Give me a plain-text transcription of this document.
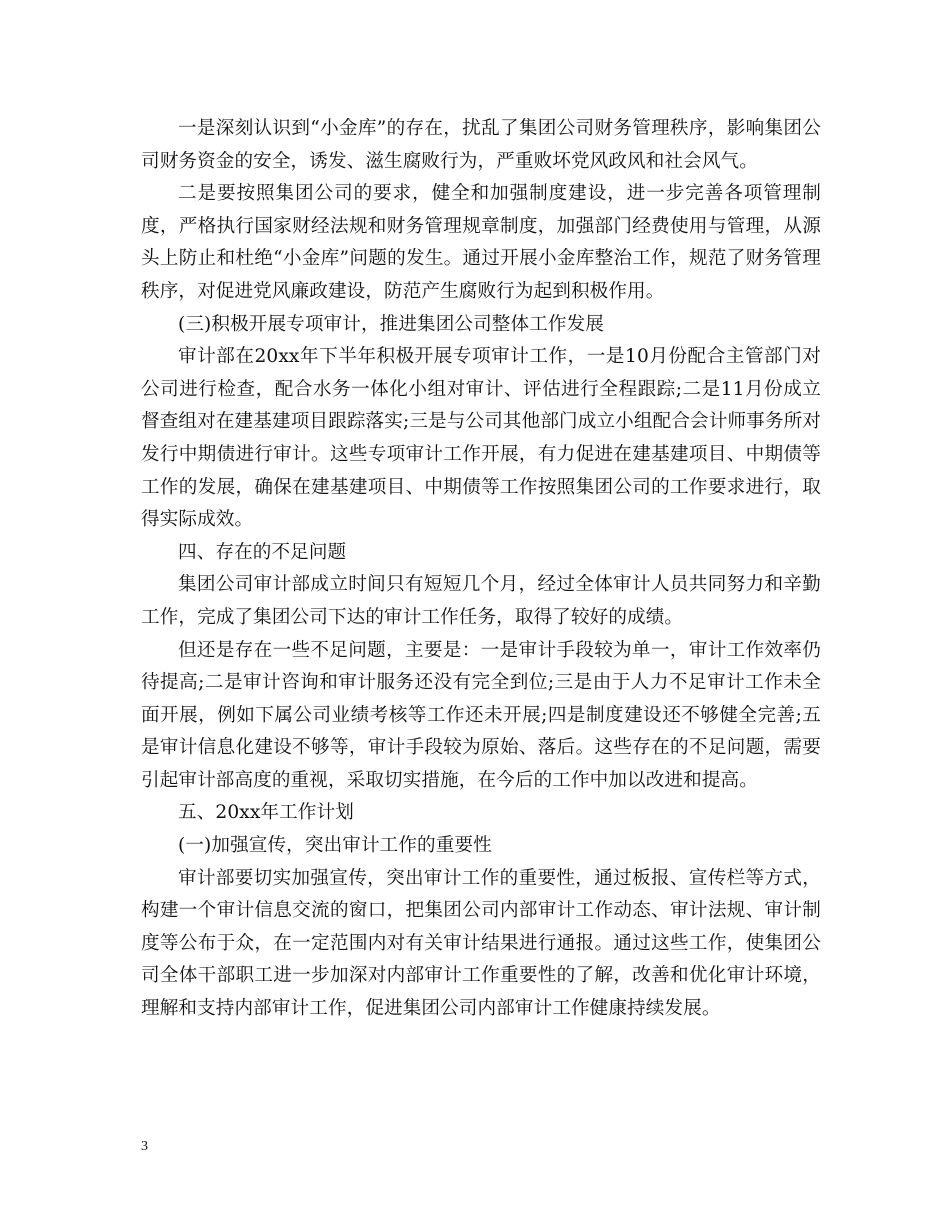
一是深刻认识到“小金库”的存在，扰乱了集团公司财务管理秩序，影响集团公司财务资金的安全，诱发、滋生腐败行为，严重败坏党风政风和社会风气。

二是要按照集团公司的要求，健全和加强制度建设，进一步完善各项管理制度，严格执行国家财经法规和财务管理规章制度，加强部门经费使用与管理，从源头上防止和杜绝“小金库”问题的发生。通过开展小金库整治工作，规范了财务管理秩序，对促进党风廉政建设，防范产生腐败行为起到积极作用。

(三)积极开展专项审计，推进集团公司整体工作发展

审计部在20xx年下半年积极开展专项审计工作，一是10月份配合主管部门对公司进行检查，配合水务一体化小组对审计、评估进行全程跟踪;二是11月份成立督查组对在建基建项目跟踪落实;三是与公司其他部门成立小组配合会计师事务所对发行中期债进行审计。这些专项审计工作开展，有力促进在建基建项目、中期债等工作的发展，确保在建基建项目、中期债等工作按照集团公司的工作要求进行，取得实际成效。

四、存在的不足问题

集团公司审计部成立时间只有短短几个月，经过全体审计人员共同努力和辛勤工作，完成了集团公司下达的审计工作任务，取得了较好的成绩。

但还是存在一些不足问题，主要是：一是审计手段较为单一，审计工作效率仍待提高;二是审计咨询和审计服务还没有完全到位;三是由于人力不足审计工作未全面开展，例如下属公司业绩考核等工作还未开展;四是制度建设还不够健全完善;五是审计信息化建设不够等，审计手段较为原始、落后。这些存在的不足问题，需要引起审计部高度的重视，采取切实措施，在今后的工作中加以改进和提高。

五、20xx年工作计划

(一)加强宣传，突出审计工作的重要性

审计部要切实加强宣传，突出审计工作的重要性，通过板报、宣传栏等方式，构建一个审计信息交流的窗口，把集团公司内部审计工作动态、审计法规、审计制度等公布于众，在一定范围内对有关审计结果进行通报。通过这些工作，使集团公司全体干部职工进一步加深对内部审计工作重要性的了解，改善和优化审计环境，理解和支持内部审计工作，促进集团公司内部审计工作健康持续发展。

3
